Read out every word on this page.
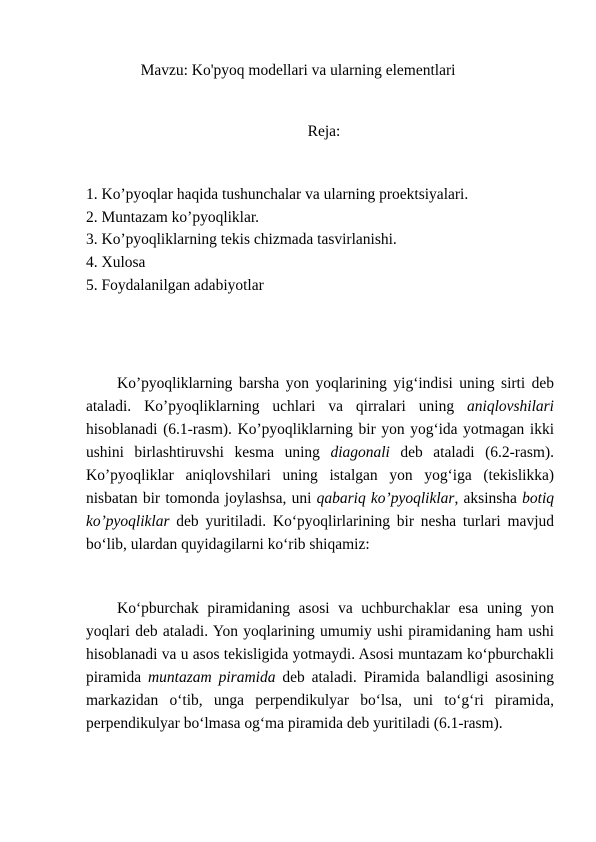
Mavzu: Ko'pyoq modellari va ularning elementlari
Reja:
1. Ko’pyoqlar haqida tushunchalar va ularning proektsiyalari.
2. Muntazam ko’pyoqliklar.
3. Ko’pyoqliklarning tekis chizmada tasvirlanishi.
4. Xulosa
5. Foydalanilgan adabiyotlar

Ko’pyoqliklarning barsha yon yoqlarining yig‘indisi uning sirti deb ataladi. Ko’pyoqliklarning uchlari va qirralari uning aniqlovshilari hisoblanadi (6.1-rasm). Ko’pyoqliklarning bir yon yog‘ida yotmagan ikki ushini birlashtiruvshi kesma uning diagonali deb ataladi (6.2-rasm). Ko’pyoqliklar aniqlovshilari uning istalgan yon yog‘iga (tekislikka) nisbatan bir tomonda joylashsa, uni qabariq ko’pyoqliklar, aksinsha botiq ko’pyoqliklar deb yuritiladi. Ko‘pyoqlirlarining bir nesha turlari mavjud bo‘lib, ulardan quyidagilarni ko‘rib shiqamiz:

Ko‘pburchak piramidaning asosi va uchburchaklar esa uning yon yoqlari deb ataladi. Yon yoqlarining umumiy ushi piramidaning ham ushi hisoblanadi va u asos tekisligida yotmaydi. Asosi muntazam ko‘pburchakli piramida muntazam piramida deb ataladi. Piramida balandligi asosining markazidan o‘tib, unga perpendikulyar bo‘lsa, uni to‘g‘ri piramida, perpendikulyar bo‘lmasa og‘ma piramida deb yuritiladi (6.1-rasm).
